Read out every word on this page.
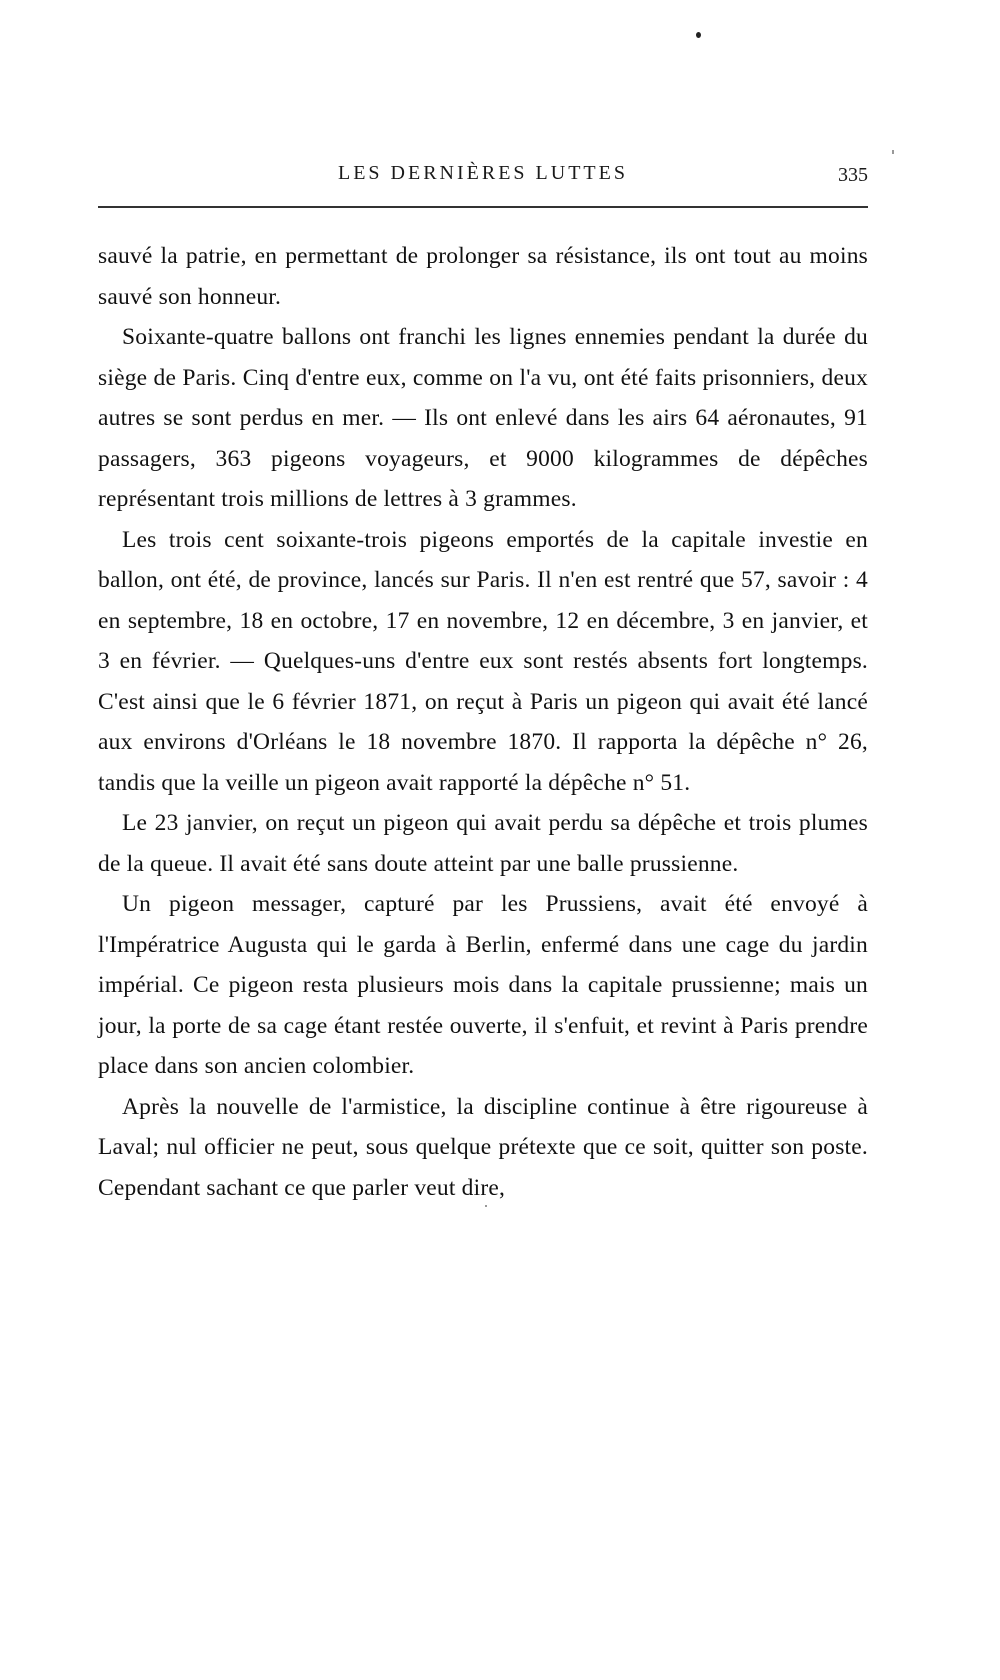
LES DERNIÈRES LUTTES	335

sauvé la patrie, en permettant de prolonger sa résistance, ils ont tout au moins sauvé son honneur.

Soixante-quatre ballons ont franchi les lignes ennemies pendant la durée du siège de Paris. Cinq d'entre eux, comme on l'a vu, ont été faits prisonniers, deux autres se sont perdus en mer. — Ils ont enlevé dans les airs 64 aéronautes, 91 passagers, 363 pigeons voyageurs, et 9000 kilogrammes de dépêches représentant trois millions de lettres à 3 grammes.

Les trois cent soixante-trois pigeons emportés de la capitale investie en ballon, ont été, de province, lancés sur Paris. Il n'en est rentré que 57, savoir : 4 en septembre, 18 en octobre, 17 en novembre, 12 en décembre, 3 en janvier, et 3 en février. — Quelques-uns d'entre eux sont restés absents fort longtemps. C'est ainsi que le 6 février 1871, on reçut à Paris un pigeon qui avait été lancé aux environs d'Orléans le 18 novembre 1870. Il rapporta la dépêche n° 26, tandis que la veille un pigeon avait rapporté la dépêche n° 51.

Le 23 janvier, on reçut un pigeon qui avait perdu sa dépêche et trois plumes de la queue. Il avait été sans doute atteint par une balle prussienne.

Un pigeon messager, capturé par les Prussiens, avait été envoyé à l'Impératrice Augusta qui le garda à Berlin, enfermé dans une cage du jardin impérial. Ce pigeon resta plusieurs mois dans la capitale prussienne; mais un jour, la porte de sa cage étant restée ouverte, il s'enfuit, et revint à Paris prendre place dans son ancien colombier.

Après la nouvelle de l'armistice, la discipline continue à être rigoureuse à Laval; nul officier ne peut, sous quelque prétexte que ce soit, quitter son poste. Cependant sachant ce que parler veut dire,
